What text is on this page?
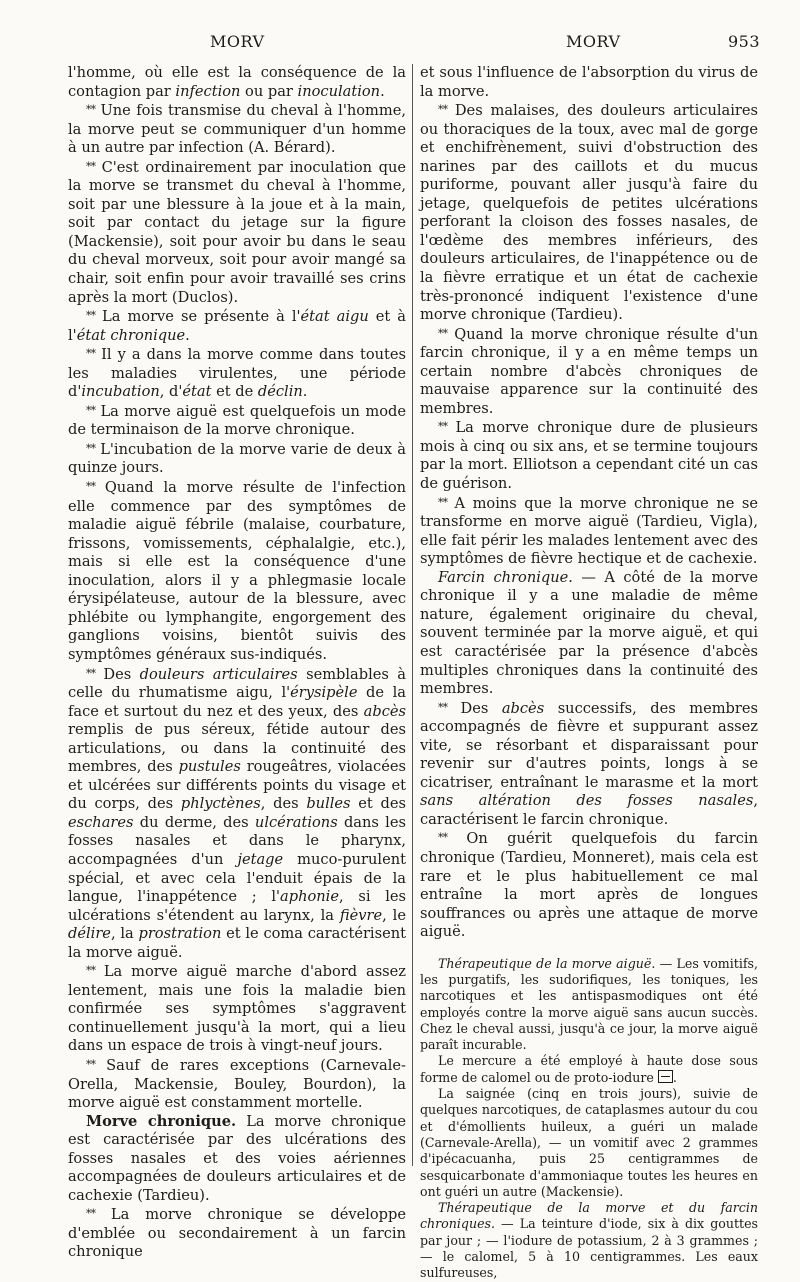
MORV	MORV	953

l'homme, où elle est la conséquence de la contagion par infection ou par inoculation.

** Une fois transmise du cheval à l'homme, la morve peut se communiquer d'un homme à un autre par infection (A. Bérard).

** C'est ordinairement par inoculation que la morve se transmet du cheval à l'homme, soit par une blessure à la joue et à la main, soit par contact du jetage sur la figure (Mackensie), soit pour avoir bu dans le seau du cheval morveux, soit pour avoir mangé sa chair, soit enfin pour avoir travaillé ses crins après la mort (Duclos).

** La morve se présente à l'état aigu et à l'état chronique.

** Il y a dans la morve comme dans toutes les maladies virulentes, une période d'incubation, d'état et de déclin.

** La morve aiguë est quelquefois un mode de terminaison de la morve chronique.

** L'incubation de la morve varie de deux à quinze jours.

** Quand la morve résulte de l'infection elle commence par des symptômes de maladie aiguë fébrile (malaise, courbature, frissons, vomissements, céphalalgie, etc.), mais si elle est la conséquence d'une inoculation, alors il y a phlegmasie locale érysipélateuse, autour de la blessure, avec phlébite ou lymphangite, engorgement des ganglions voisins, bientôt suivis des symptômes généraux sus-indiqués.

** Des douleurs articulaires semblables à celle du rhumatisme aigu, l'érysipèle de la face et surtout du nez et des yeux, des abcès remplis de pus séreux, fétide autour des articulations, ou dans la continuité des membres, des pustules rougeâtres, violacées et ulcérées sur différents points du visage et du corps, des phlyctènes, des bulles et des eschares du derme, des ulcérations dans les fosses nasales et dans le pharynx, accompagnées d'un jetage muco-purulent spécial, et avec cela l'enduit épais de la langue, l'inappétence ; l'aphonie, si les ulcérations s'étendent au larynx, la fièvre, le délire, la prostration et le coma caractérisent la morve aiguë.

** La morve aiguë marche d'abord assez lentement, mais une fois la maladie bien confirmée ses symptômes s'aggravent continuellement jusqu'à la mort, qui a lieu dans un espace de trois à vingt-neuf jours.

** Sauf de rares exceptions (Carnevale-Orella, Mackensie, Bouley, Bourdon), la morve aiguë est constamment mortelle.

Morve chronique. La morve chronique est caractérisée par des ulcérations des fosses nasales et des voies aériennes accompagnées de douleurs articulaires et de cachexie (Tardieu).

** La morve chronique se développe d'emblée ou secondairement à un farcin chronique

et sous l'influence de l'absorption du virus de la morve.

** Des malaises, des douleurs articulaires ou thoraciques de la toux, avec mal de gorge et enchifrènement, suivi d'obstruction des narines par des caillots et du mucus puriforme, pouvant aller jusqu'à faire du jetage, quelquefois de petites ulcérations perforant la cloison des fosses nasales, de l'œdème des membres inférieurs, des douleurs articulaires, de l'inappétence ou de la fièvre erratique et un état de cachexie très-prononcé indiquent l'existence d'une morve chronique (Tardieu).

** Quand la morve chronique résulte d'un farcin chronique, il y a en même temps un certain nombre d'abcès chroniques de mauvaise apparence sur la continuité des membres.

** La morve chronique dure de plusieurs mois à cinq ou six ans, et se termine toujours par la mort. Elliotson a cependant cité un cas de guérison.

** A moins que la morve chronique ne se transforme en morve aiguë (Tardieu, Vigla), elle fait périr les malades lentement avec des symptômes de fièvre hectique et de cachexie.

Farcin chronique. — A côté de la morve chronique il y a une maladie de même nature, également originaire du cheval, souvent terminée par la morve aiguë, et qui est caractérisée par la présence d'abcès multiples chroniques dans la continuité des membres.

** Des abcès successifs, des membres accompagnés de fièvre et suppurant assez vite, se résorbant et disparaissant pour revenir sur d'autres points, longs à se cicatriser, entraînant le marasme et la mort sans altération des fosses nasales, caractérisent le farcin chronique.

** On guérit quelquefois du farcin chronique (Tardieu, Monneret), mais cela est rare et le plus habituellement ce mal entraîne la mort après de longues souffrances ou après une attaque de morve aiguë.

Thérapeutique de la morve aiguë. — Les vomitifs, les purgatifs, les sudorifiques, les toniques, les narcotiques et les antispasmodiques ont été employés contre la morve aiguë sans aucun succès. Chez le cheval aussi, jusqu'à ce jour, la morve aiguë paraît incurable.

Le mercure a été employé à haute dose sous forme de calomel ou de proto-iodure .

La saignée (cinq en trois jours), suivie de quelques narcotiques, de cataplasmes autour du cou et d'émollients huileux, a guéri un malade (Carnevale-Arella), — un vomitif avec 2 grammes d'ipécacuanha, puis 25 centigrammes de sesquicarbonate d'ammoniaque toutes les heures en ont guéri un autre (Mackensie).

Thérapeutique de la morve et du farcin chroniques. — La teinture d'iode, six à dix gouttes par jour ; — l'iodure de potassium, 2 à 3 grammes ; — le calomel, 5 à 10 centigrammes. Les eaux sulfureuses,
